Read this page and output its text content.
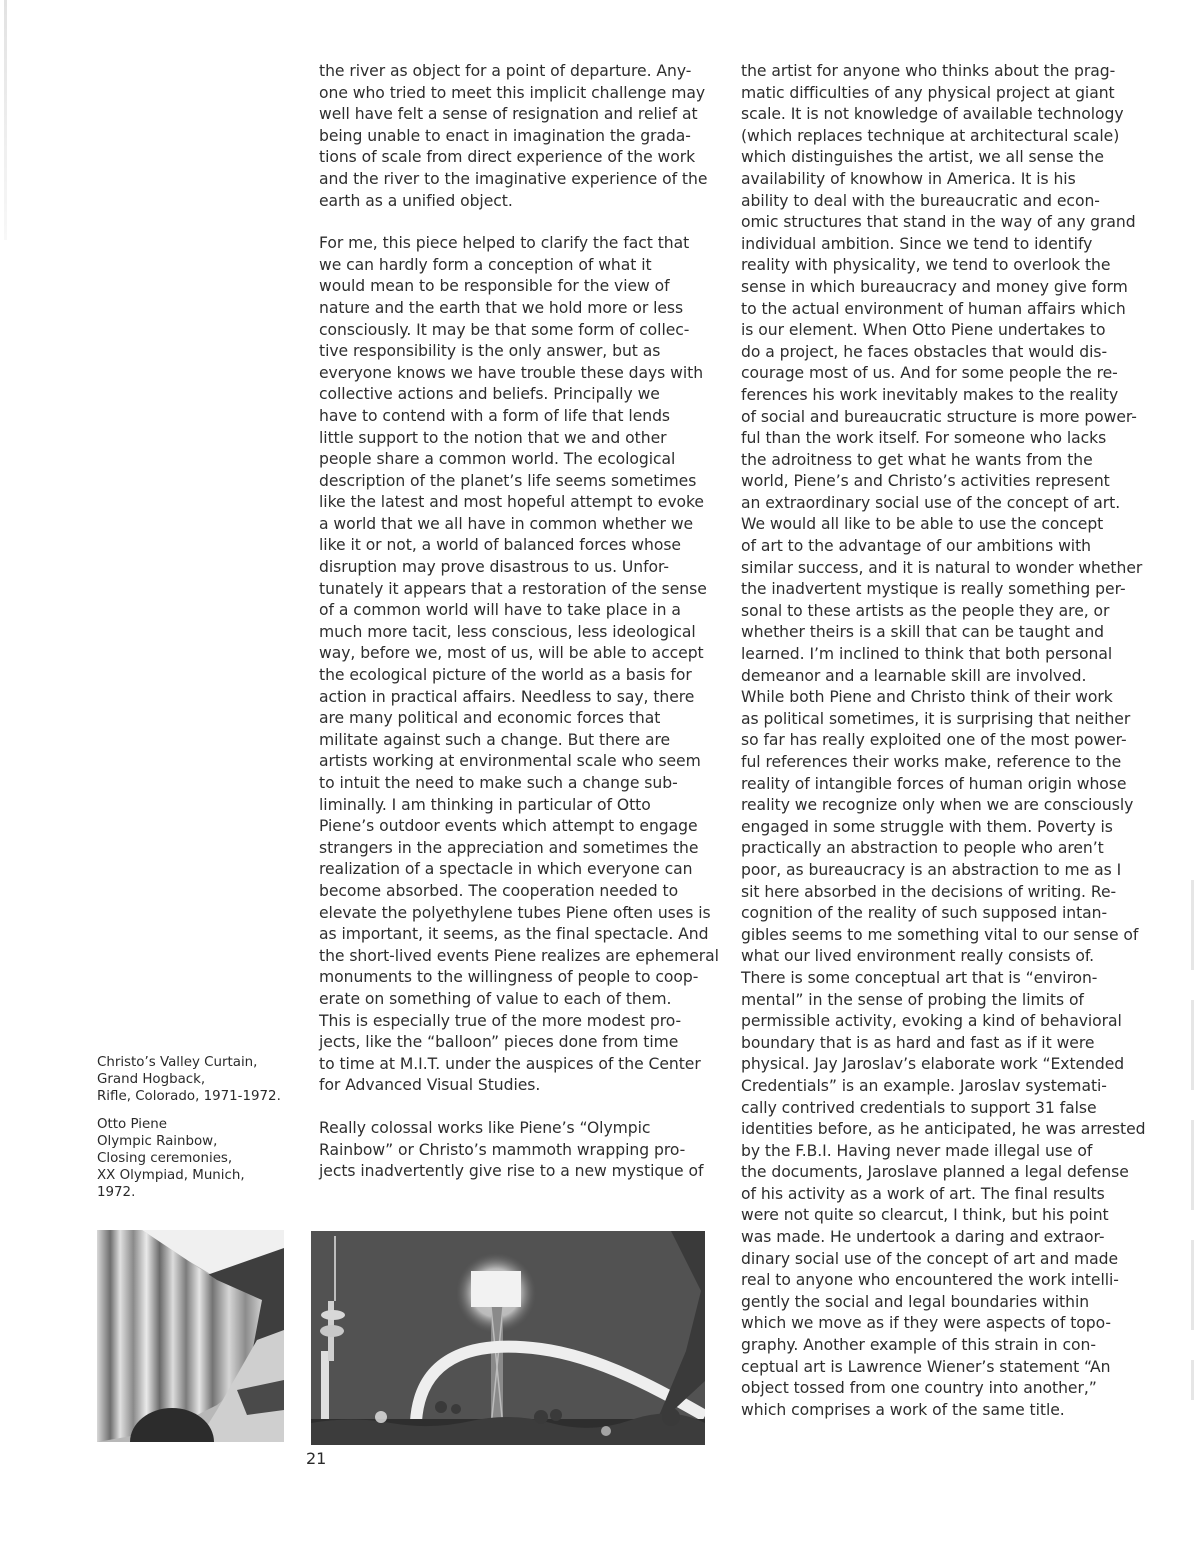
the river as object for a point of departure. Any-
one who tried to meet this implicit challenge may
well have felt a sense of resignation and relief at
being unable to enact in imagination the grada-
tions of scale from direct experience of the work
and the river to the imaginative experience of the
earth as a unified object.
For me, this piece helped to clarify the fact that
we can hardly form a conception of what it
would mean to be responsible for the view of
nature and the earth that we hold more or less
consciously. It may be that some form of collec-
tive responsibility is the only answer, but as
everyone knows we have trouble these days with
collective actions and beliefs. Principally we
have to contend with a form of life that lends
little support to the notion that we and other
people share a common world. The ecological
description of the planet’s life seems sometimes
like the latest and most hopeful attempt to evoke
a world that we all have in common whether we
like it or not, a world of balanced forces whose
disruption may prove disastrous to us. Unfor-
tunately it appears that a restoration of the sense
of a common world will have to take place in a
much more tacit, less conscious, less ideological
way, before we, most of us, will be able to accept
the ecological picture of the world as a basis for
action in practical affairs. Needless to say, there
are many political and economic forces that
militate against such a change. But there are
artists working at environmental scale who seem
to intuit the need to make such a change sub-
liminally. I am thinking in particular of Otto
Piene’s outdoor events which attempt to engage
strangers in the appreciation and sometimes the
realization of a spectacle in which everyone can
become absorbed. The cooperation needed to
elevate the polyethylene tubes Piene often uses is
as important, it seems, as the final spectacle. And
the short-lived events Piene realizes are ephemeral
monuments to the willingness of people to coop-
erate on something of value to each of them.
This is especially true of the more modest pro-
jects, like the “balloon” pieces done from time
to time at M.I.T. under the auspices of the Center
for Advanced Visual Studies.
Really colossal works like Piene’s “Olympic
Rainbow” or Christo’s mammoth wrapping pro-
jects inadvertently give rise to a new mystique of
the artist for anyone who thinks about the prag-
matic difficulties of any physical project at giant
scale. It is not knowledge of available technology
(which replaces technique at architectural scale)
which distinguishes the artist, we all sense the
availability of knowhow in America. It is his
ability to deal with the bureaucratic and econ-
omic structures that stand in the way of any grand
individual ambition. Since we tend to identify
reality with physicality, we tend to overlook the
sense in which bureaucracy and money give form
to the actual environment of human affairs which
is our element. When Otto Piene undertakes to
do a project, he faces obstacles that would dis-
courage most of us. And for some people the re-
ferences his work inevitably makes to the reality
of social and bureaucratic structure is more power-
ful than the work itself. For someone who lacks
the adroitness to get what he wants from the
world, Piene’s and Christo’s activities represent
an extraordinary social use of the concept of art.
We would all like to be able to use the concept
of art to the advantage of our ambitions with
similar success, and it is natural to wonder whether
the inadvertent mystique is really something per-
sonal to these artists as the people they are, or
whether theirs is a skill that can be taught and
learned. I’m inclined to think that both personal
demeanor and a learnable skill are involved.
While both Piene and Christo think of their work
as political sometimes, it is surprising that neither
so far has really exploited one of the most power-
ful references their works make, reference to the
reality of intangible forces of human origin whose
reality we recognize only when we are consciously
engaged in some struggle with them. Poverty is
practically an abstraction to people who aren’t
poor, as bureaucracy is an abstraction to me as I
sit here absorbed in the decisions of writing. Re-
cognition of the reality of such supposed intan-
gibles seems to me something vital to our sense of
what our lived environment really consists of.
There is some conceptual art that is “environ-
mental” in the sense of probing the limits of
permissible activity, evoking a kind of behavioral
boundary that is as hard and fast as if it were
physical. Jay Jaroslav’s elaborate work “Extended
Credentials” is an example. Jaroslav systemati-
cally contrived credentials to support 31 false
identities before, as he anticipated, he was arrested
by the F.B.I. Having never made illegal use of
the documents, Jaroslave planned a legal defense
of his activity as a work of art. The final results
were not quite so clearcut, I think, but his point
was made. He undertook a daring and extraor-
dinary social use of the concept of art and made
real to anyone who encountered the work intelli-
gently the social and legal boundaries within
which we move as if they were aspects of topo-
graphy. Another example of this strain in con-
ceptual art is Lawrence Wiener’s statement “An
object tossed from one country into another,”
which comprises a work of the same title.
Christo’s Valley Curtain,
Grand Hogback,
Rifle, Colorado, 1971-1972.
Otto Piene
Olympic Rainbow,
Closing ceremonies,
XX Olympiad, Munich,
1972.
21
